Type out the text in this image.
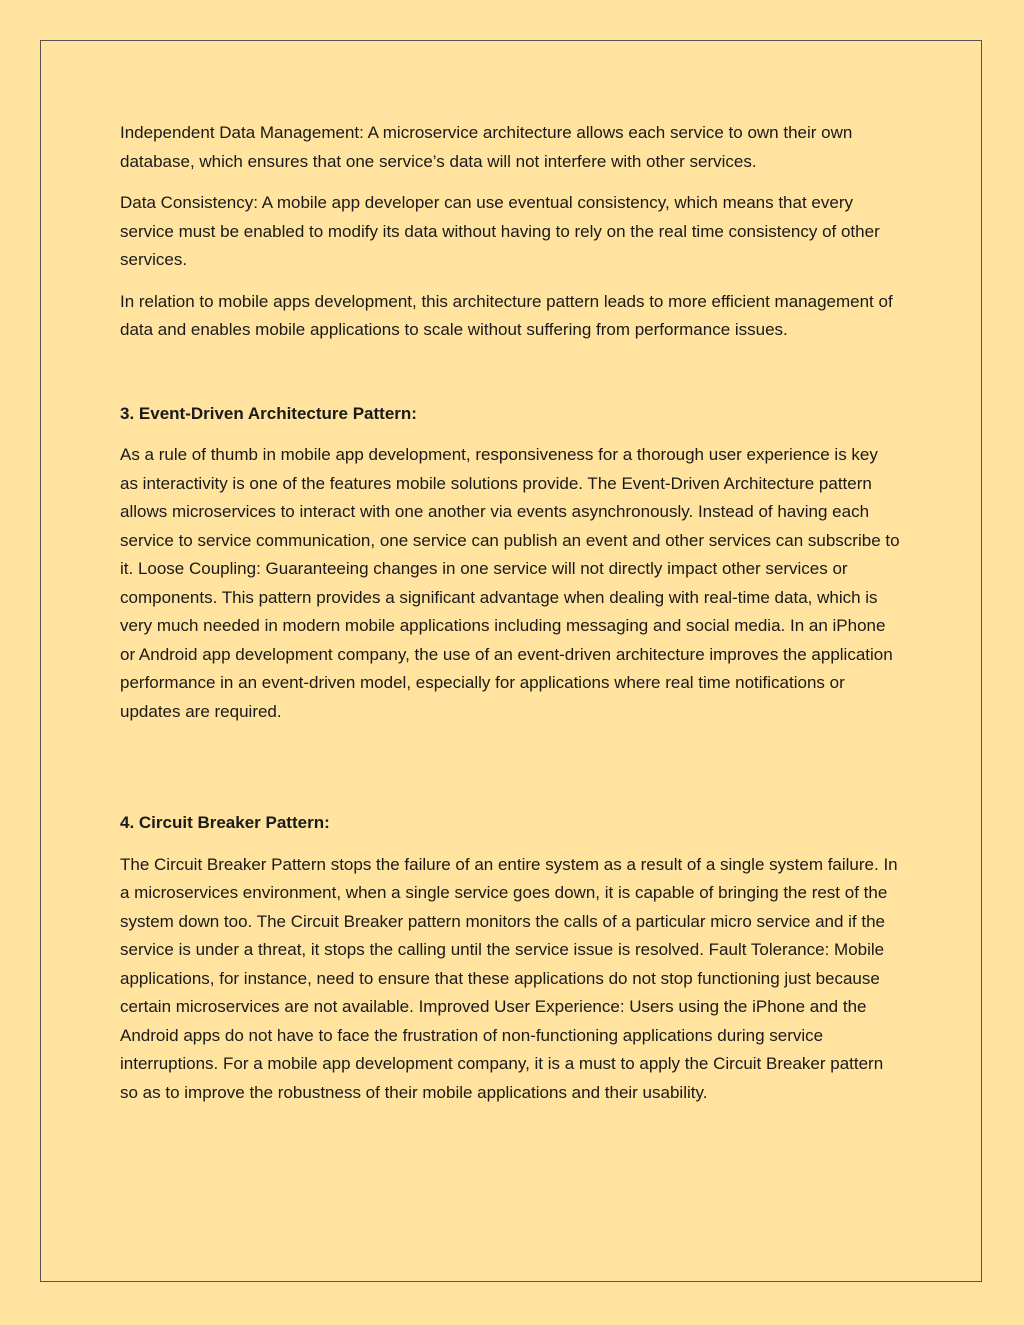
Independent Data Management: A microservice architecture allows each service to own their own database, which ensures that one service’s data will not interfere with other services.

Data Consistency: A mobile app developer can use eventual consistency, which means that every service must be enabled to modify its data without having to rely on the real time consistency of other services.

In relation to mobile apps development, this architecture pattern leads to more efficient management of data and enables mobile applications to scale without suffering from performance issues.

3. Event-Driven Architecture Pattern:

As a rule of thumb in mobile app development, responsiveness for a thorough user experience is key as interactivity is one of the features mobile solutions provide. The Event-Driven Architecture pattern allows microservices to interact with one another via events asynchronously. Instead of having each service to service communication, one service can publish an event and other services can subscribe to it. Loose Coupling: Guaranteeing changes in one service will not directly impact other services or components. This pattern provides a significant advantage when dealing with real-time data, which is very much needed in modern mobile applications including messaging and social media. In an iPhone or Android app development company, the use of an event-driven architecture improves the application performance in an event-driven model, especially for applications where real time notifications or updates are required.

4. Circuit Breaker Pattern:

The Circuit Breaker Pattern stops the failure of an entire system as a result of a single system failure. In a microservices environment, when a single service goes down, it is capable of bringing the rest of the system down too. The Circuit Breaker pattern monitors the calls of a particular micro service and if the service is under a threat, it stops the calling until the service issue is resolved. Fault Tolerance: Mobile applications, for instance, need to ensure that these applications do not stop functioning just because certain microservices are not available. Improved User Experience: Users using the iPhone and the Android apps do not have to face the frustration of non-functioning applications during service interruptions. For a mobile app development company, it is a must to apply the Circuit Breaker pattern so as to improve the robustness of their mobile applications and their usability.
